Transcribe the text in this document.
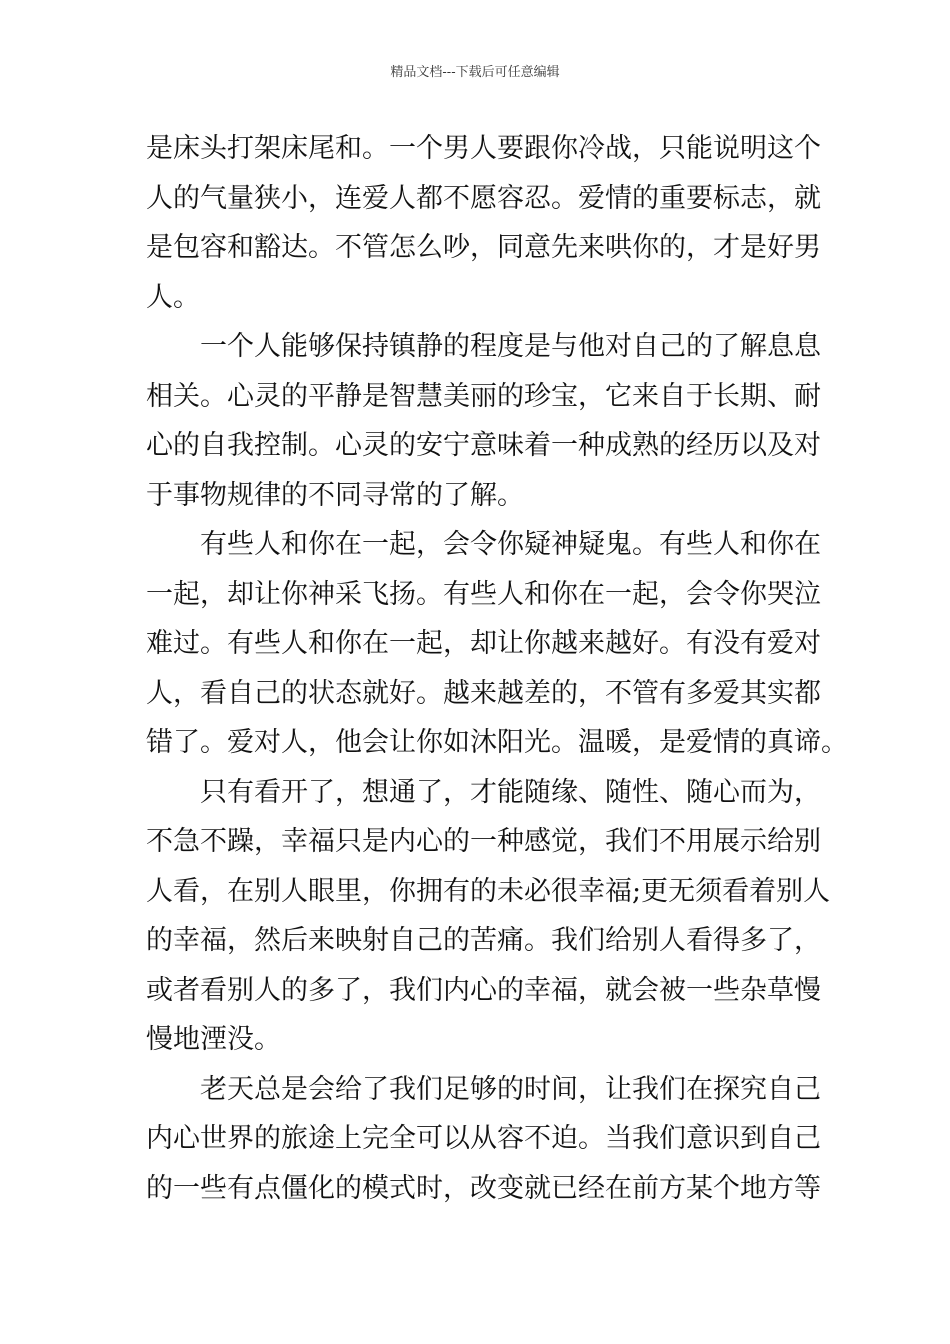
精品文档---下载后可任意编辑
是床头打架床尾和。一个男人要跟你冷战，只能说明这个
人的气量狭小，连爱人都不愿容忍。爱情的重要标志，就
是包容和豁达。不管怎么吵，同意先来哄你的，才是好男
人。
　　一个人能够保持镇静的程度是与他对自己的了解息息
相关。心灵的平静是智慧美丽的珍宝，它来自于长期、耐
心的自我控制。心灵的安宁意味着一种成熟的经历以及对
于事物规律的不同寻常的了解。
　　有些人和你在一起，会令你疑神疑鬼。有些人和你在
一起，却让你神采飞扬。有些人和你在一起，会令你哭泣
难过。有些人和你在一起，却让你越来越好。有没有爱对
人，看自己的状态就好。越来越差的，不管有多爱其实都
错了。爱对人，他会让你如沐阳光。温暖，是爱情的真谛。
　　只有看开了，想通了，才能随缘、随性、随心而为，
不急不躁，幸福只是内心的一种感觉，我们不用展示给别
人看，在别人眼里，你拥有的未必很幸福;更无须看着别人
的幸福，然后来映射自己的苦痛。我们给别人看得多了，
或者看别人的多了，我们内心的幸福，就会被一些杂草慢
慢地湮没。
　　老天总是会给了我们足够的时间，让我们在探究自己
内心世界的旅途上完全可以从容不迫。当我们意识到自己
的一些有点僵化的模式时，改变就已经在前方某个地方等
